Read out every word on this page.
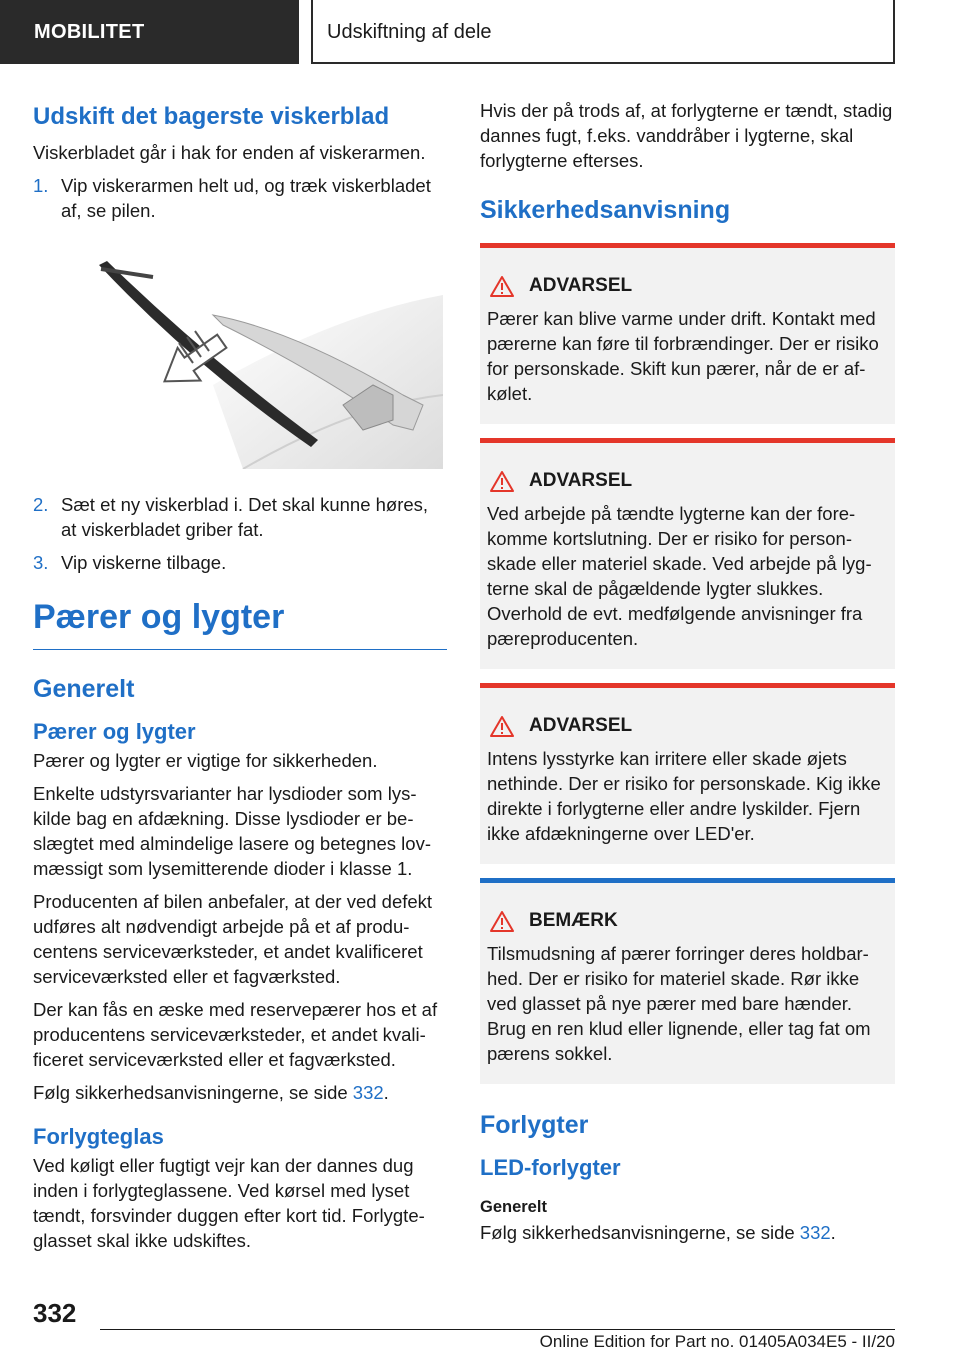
MOBILITET	Udskiftning af dele
Udskift det bagerste viskerblad

Viskerbladet går i hak for enden af viskerarmen.

1. Vip viskerarmen helt ud, og træk viskerbladet af, se pilen.
2. Sæt et ny viskerblad i. Det skal kunne høres, at viskerbladet griber fat.
3. Vip viskerne tilbage.
Pærer og lygter
Generelt
Pærer og lygter

Pærer og lygter er vigtige for sikkerheden.

Enkelte udstyrsvarianter har lysdioder som lyskilde bag en afdækning. Disse lysdioder er beslægtet med almindelige lasere og betegnes lovmæssigt som lysemitterende dioder i klasse 1.

Producenten af bilen anbefaler, at der ved defekt udføres alt nødvendigt arbejde på et af producentens serviceværksteder, et andet kvalificeret serviceværksted eller et fagværksted.

Der kan fås en æske med reservepærer hos et af producentens serviceværksteder, et andet kvalificeret serviceværksted eller et fagværksted.

Følg sikkerhedsanvisningerne, se side 332.

Forlygteglas

Ved køligt eller fugtigt vejr kan der dannes dug inden i forlygteglassene. Ved kørsel med lyset tændt, forsvinder duggen efter kort tid. Forlygteglasset skal ikke udskiftes.

Hvis der på trods af, at forlygterne er tændt, stadig dannes fugt, f.eks. vanddråber i lygterne, skal forlygterne efterses.

Sikkerhedsanvisning
ADVARSEL

Pærer kan blive varme under drift. Kontakt med pærerne kan føre til forbrændinger. Der er risiko for personskade. Skift kun pærer, når de er afkølet.

ADVARSEL

Ved arbejde på tændte lygterne kan der forekomme kortslutning. Der er risiko for personskade eller materiel skade. Ved arbejde på lygterne skal de pågældende lygter slukkes. Overhold de evt. medfølgende anvisninger fra pæreproducenten.

ADVARSEL

Intens lysstyrke kan irritere eller skade øjets nethinde. Der er risiko for personskade. Kig ikke direkte i forlygterne eller andre lyskilder. Fjern ikke afdækningerne over LED'er.

BEMÆRK

Tilsmudsning af pærer forringer deres holdbarhed. Der er risiko for materiel skade. Rør ikke ved glasset på nye pærer med bare hænder. Brug en ren klud eller lignende, eller tag fat om pærens sokkel.

Forlygter
LED-forlygter
Generelt

Følg sikkerhedsanvisningerne, se side 332.

332
Online Edition for Part no. 01405A034E5 - II/20
